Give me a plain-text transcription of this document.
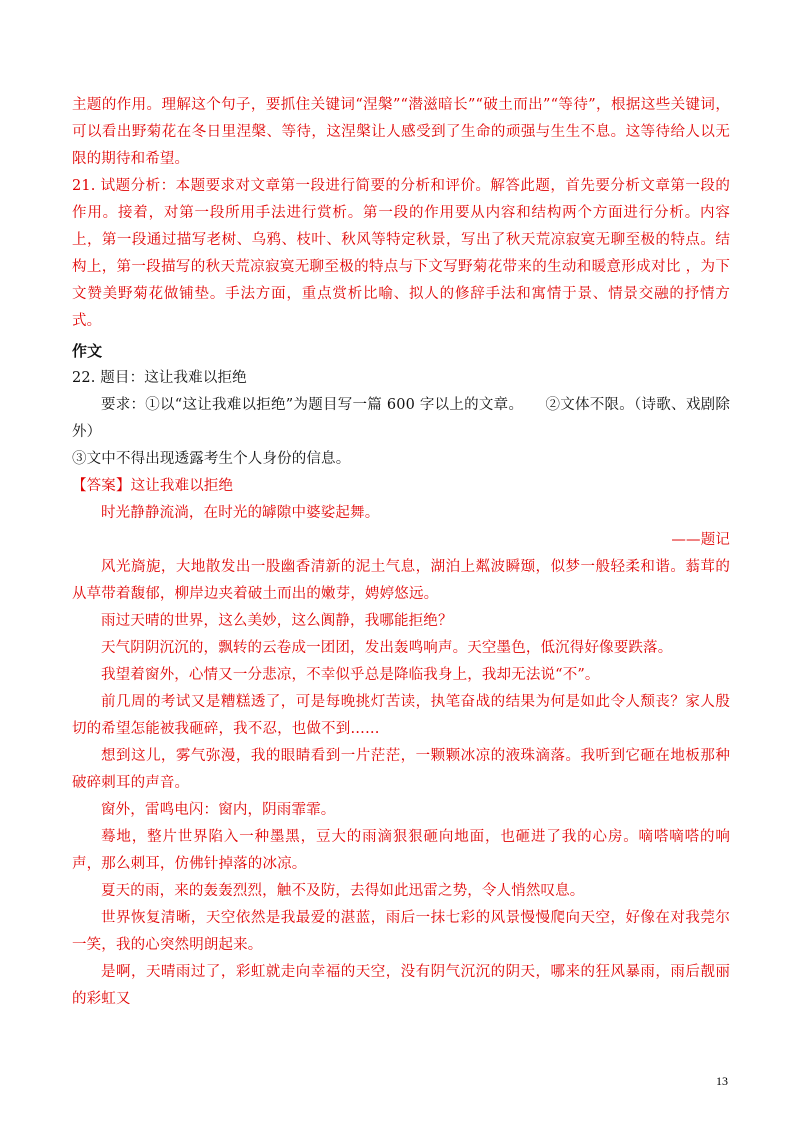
主题的作用。理解这个句子，要抓住关键词“涅槃”“潜滋暗长”“破土而出”“等待”，根据这些关键词，可以看出野菊花在冬日里涅槃、等待，这涅槃让人感受到了生命的顽强与生生不息。这等待给人以无限的期待和希望。

21. 试题分析：本题要求对文章第一段进行简要的分析和评价。解答此题，首先要分析文章第一段的作用。接着，对第一段所用手法进行赏析。第一段的作用要从内容和结构两个方面进行分析。内容上，第一段通过描写老树、乌鸦、枝叶、秋风等特定秋景，写出了秋天荒凉寂寞无聊至极的特点。结构上，第一段描写的秋天荒凉寂寞无聊至极的特点与下文写野菊花带来的生动和暖意形成对比 ，为下文赞美野菊花做铺垫。手法方面，重点赏析比喻、拟人的修辞手法和寓情于景、情景交融的抒情方式。

作文

22. 题目：这让我难以拒绝

要求：①以“这让我难以拒绝”为题目写一篇 600 字以上的文章。　　②文体不限。（诗歌、戏剧除外）

③文中不得出现透露考生个人身份的信息。

【答案】这让我难以拒绝

时光静静流淌，在时光的罅隙中婆娑起舞。

——题记

风光旖旎，大地散发出一股幽香清新的泥土气息，湖泊上粼波瞬颋，似梦一般轻柔和谐。蓊茸的从草带着馥郁，柳岸边夹着破土而出的嫩芽，娉婷悠远。

雨过天晴的世界，这么美妙，这么阗静，我哪能拒绝？

天气阴阴沉沉的，飘转的云卷成一团团，发出轰鸣响声。天空墨色，低沉得好像要跌落。

我望着窗外，心情又一分悲凉，不幸似乎总是降临我身上，我却无法说“不”。

前几周的考试又是糟糕透了，可是每晚挑灯苦读，执笔奋战的结果为何是如此令人颓丧？家人殷切的希望怎能被我砸碎，我不忍，也做不到……

想到这儿，雾气弥漫，我的眼睛看到一片茫茫，一颗颗冰凉的液珠滴落。我听到它砸在地板那种破碎刺耳的声音。

窗外，雷鸣电闪：窗内，阴雨霏霏。

蓦地，整片世界陷入一种墨黑，豆大的雨滴狠狠砸向地面，也砸进了我的心房。嘀嗒嘀嗒的响声，那么刺耳，仿佛针掉落的冰凉。

夏天的雨，来的轰轰烈烈，触不及防，去得如此迅雷之势，令人悄然叹息。

世界恢复清晰，天空依然是我最爱的湛蓝，雨后一抹七彩的风景慢慢爬向天空，好像在对我莞尔一笑，我的心突然明朗起来。

是啊，天晴雨过了，彩虹就走向幸福的天空，没有阴气沉沉的阴天，哪来的狂风暴雨，雨后靓丽的彩虹又

13
